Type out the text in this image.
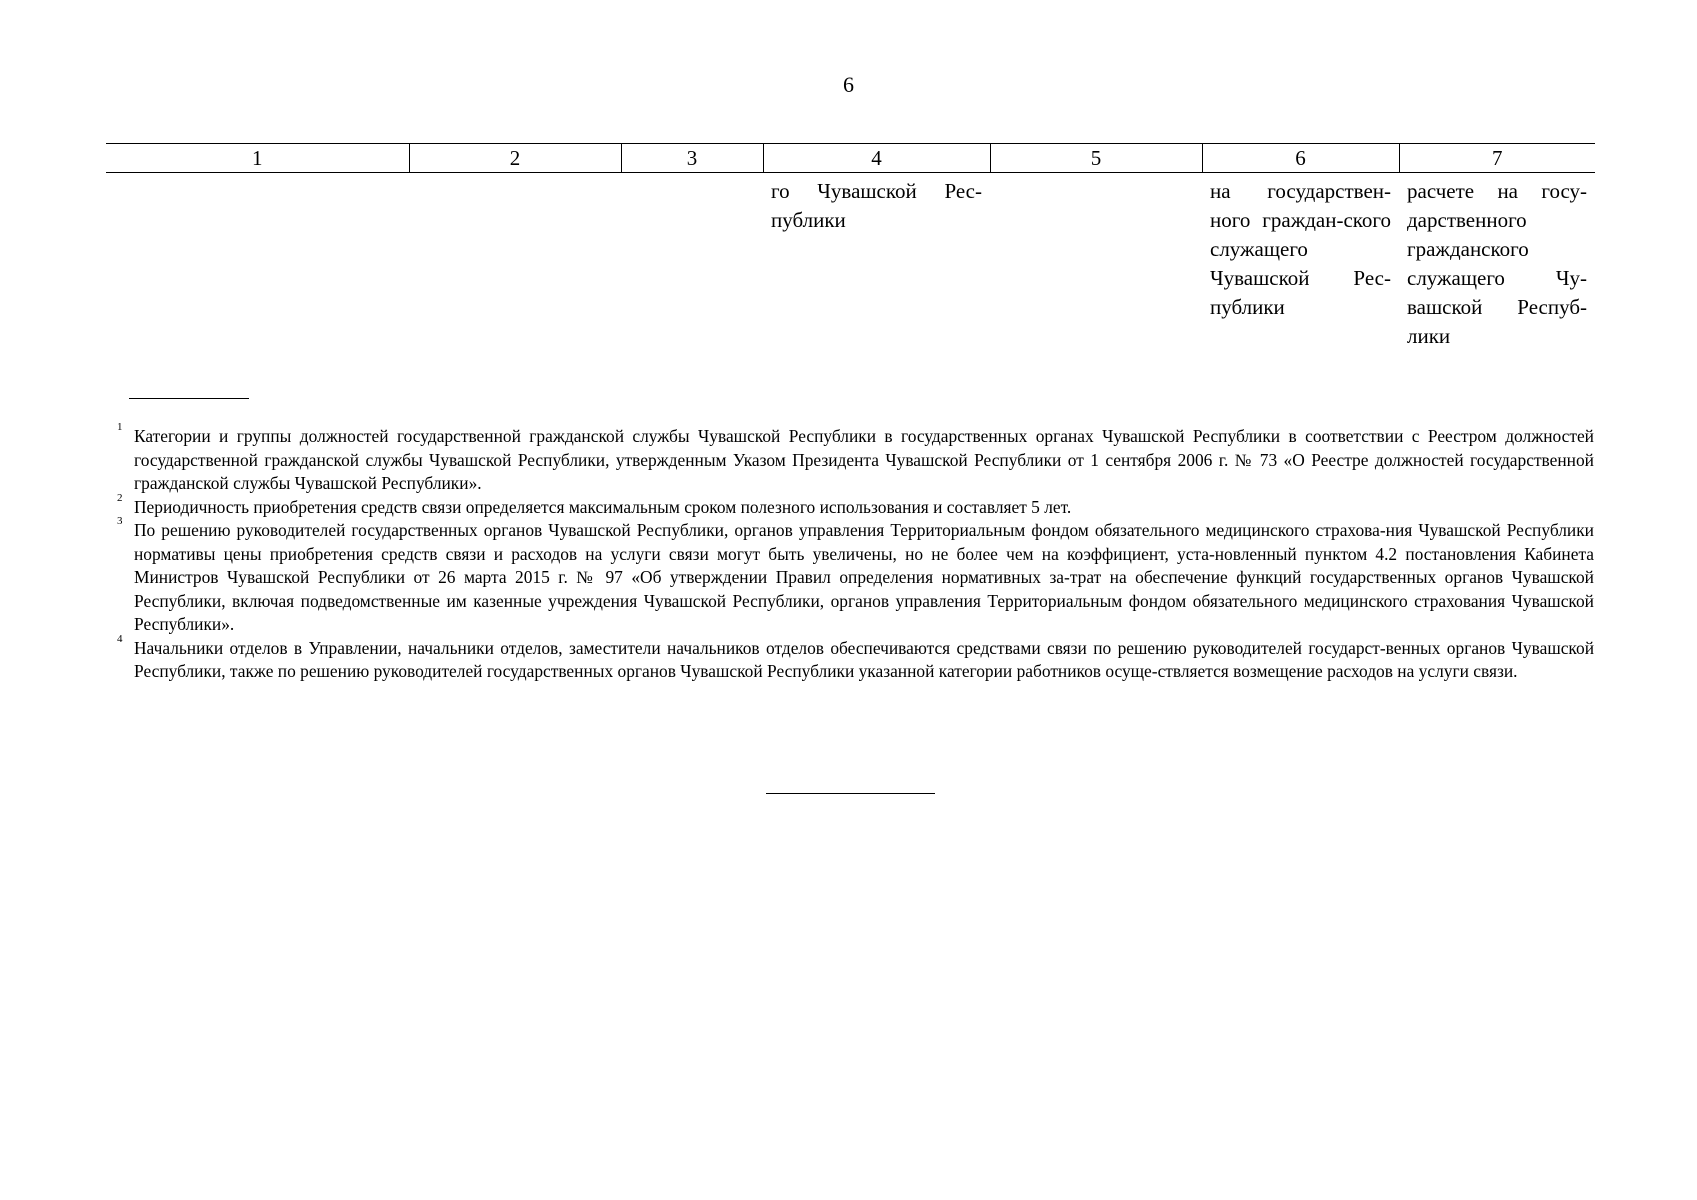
6
1	2	3	4	5	6	7
			го Чувашской Рес-публики		на государствен-ного граждан-ского служащего Чувашской Рес-публики	расчете на госу-дарственного гражданского служащего Чу-вашской Респуб-лики
1 Категории и группы должностей государственной гражданской службы Чувашской Республики в государственных органах Чувашской Республики в соответствии с Реестром должностей государственной гражданской службы Чувашской Республики, утвержденным Указом Президента Чувашской Республики от 1 сентября 2006 г. № 73 «О Реестре должностей государственной гражданской службы Чувашской Республики».
2 Периодичность приобретения средств связи определяется максимальным сроком полезного использования и составляет 5 лет.
3 По решению руководителей государственных органов Чувашской Республики, органов управления Территориальным фондом обязательного медицинского страхова-ния Чувашской Республики нормативы цены приобретения средств связи и расходов на услуги связи могут быть увеличены, но не более чем на коэффициент, уста-новленный пунктом 4.2 постановления Кабинета Министров Чувашской Республики от 26 марта 2015 г. № 97 «Об утверждении Правил определения нормативных за-трат на обеспечение функций государственных органов Чувашской Республики, включая подведомственные им казенные учреждения Чувашской Республики, органов управления Территориальным фондом обязательного медицинского страхования Чувашской Республики».
4 Начальники отделов в Управлении, начальники отделов, заместители начальников отделов обеспечиваются средствами связи по решению руководителей государст-венных органов Чувашской Республики, также по решению руководителей государственных органов Чувашской Республики указанной категории работников осуще-ствляется возмещение расходов на услуги связи.
